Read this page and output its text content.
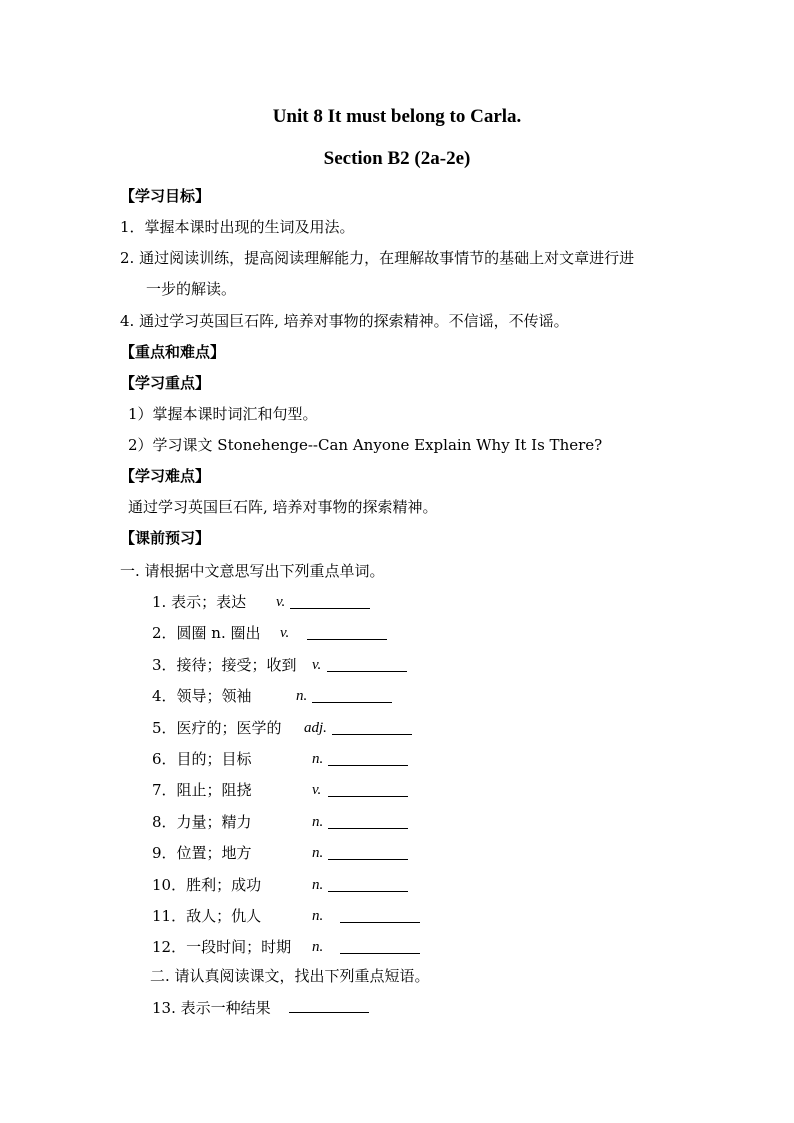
Unit 8 It must belong to Carla.
Section B2 (2a-2e)
【学习目标】
1．掌握本课时出现的生词及用法。
2. 通过阅读训练，提高阅读理解能力，在理解故事情节的基础上对文章进行进
一步的解读。
4. 通过学习英国巨石阵, 培养对事物的探索精神。不信谣，不传谣。
【重点和难点】
【学习重点】
1）掌握本课时词汇和句型。
2）学习课文 Stonehenge--Can Anyone Explain Why It Is There?
【学习难点】
通过学习英国巨石阵, 培养对事物的探索精神。
【课前预习】
一. 请根据中文意思写出下列重点单词。
1. 表示；表达 v.
2．圆圈 n. 圈出 v.
3．接待；接受；收到 v.
4．领导；领袖	n.
5．医疗的；医学的 adj.
6．目的；目标	n.
7．阻止；阻挠	v.
8．力量；精力	n.
9．位置；地方	n.
10．胜利；成功	n.
11．敌人；仇人	n.
12．一段时间；时期 n.
二. 请认真阅读课文，找出下列重点短语。
13. 表示一种结果
